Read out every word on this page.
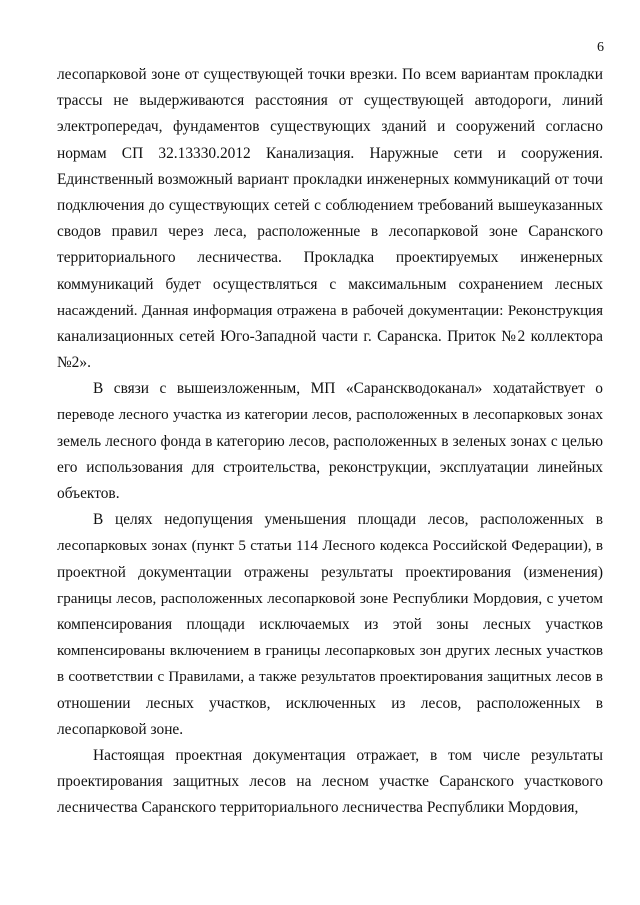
6
лесопарковой зоне от существующей точки врезки. По всем вариантам прокладки
трассы не выдерживаются расстояния от существующей автодороги, линий
электропередач, фундаментов существующих зданий и сооружений согласно
нормам СП 32.13330.2012 Канализация. Наружные сети и сооружения.
Единственный возможный вариант прокладки инженерных коммуникаций от точи
подключения до существующих сетей с соблюдением требований вышеуказанных
сводов правил через леса, расположенные в лесопарковой зоне Саранского
территориального лесничества. Прокладка проектируемых инженерных
коммуникаций будет осуществляться с максимальным сохранением лесных
насаждений. Данная информация отражена в рабочей документации: Реконструкция
канализационных сетей Юго-Западной части г. Саранска. Приток №2 коллектора
№2».
В связи с вышеизложенным, МП «Саранскводоканал» ходатайствует о
переводе лесного участка из категории лесов, расположенных в лесопарковых зонах
земель лесного фонда в категорию лесов, расположенных в зеленых зонах с целью
его использования для строительства, реконструкции, эксплуатации линейных
объектов.
В целях недопущения уменьшения площади лесов, расположенных в
лесопарковых зонах (пункт 5 статьи 114 Лесного кодекса Российской Федерации), в
проектной документации отражены результаты проектирования (изменения)
границы лесов, расположенных лесопарковой зоне Республики Мордовия, с учетом
компенсирования площади исключаемых из этой зоны лесных участков
компенсированы включением в границы лесопарковых зон других лесных участков
в соответствии с Правилами, а также результатов проектирования защитных лесов в
отношении лесных участков, исключенных из лесов, расположенных в
лесопарковой зоне.
Настоящая проектная документация отражает, в том числе результаты
проектирования защитных лесов на лесном участке Саранского участкового
лесничества Саранского территориального лесничества Республики Мордовия,
